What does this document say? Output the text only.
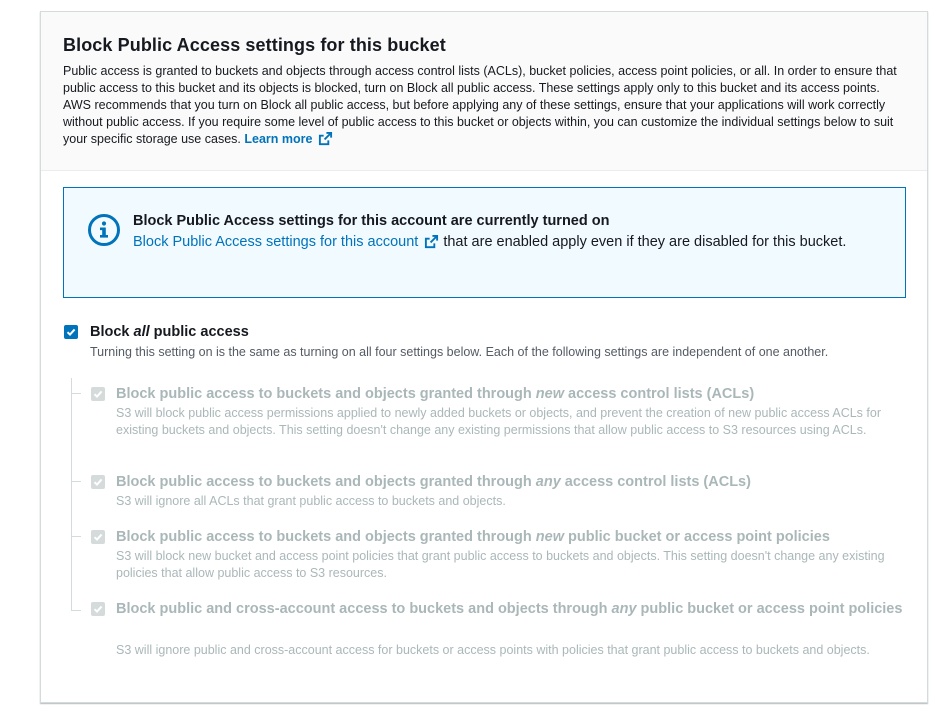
Block Public Access settings for this bucket

Public access is granted to buckets and objects through access control lists (ACLs), bucket policies, access point policies, or all. In order to ensure that public access to this bucket and its objects is blocked, turn on Block all public access. These settings apply only to this bucket and its access points. AWS recommends that you turn on Block all public access, but before applying any of these settings, ensure that your applications will work correctly without public access. If you require some level of public access to this bucket or objects within, you can customize the individual settings below to suit your specific storage use cases. Learn more

Block Public Access settings for this account are currently turned on
Block Public Access settings for this account that are enabled apply even if they are disabled for this bucket.
Block all public access
Turning this setting on is the same as turning on all four settings below. Each of the following settings are independent of one another.
Block public access to buckets and objects granted through new access control lists (ACLs)
S3 will block public access permissions applied to newly added buckets or objects, and prevent the creation of new public access ACLs for existing buckets and objects. This setting doesn't change any existing permissions that allow public access to S3 resources using ACLs.
Block public access to buckets and objects granted through any access control lists (ACLs)
S3 will ignore all ACLs that grant public access to buckets and objects.
Block public access to buckets and objects granted through new public bucket or access point policies
S3 will block new bucket and access point policies that grant public access to buckets and objects. This setting doesn't change any existing policies that allow public access to S3 resources.
Block public and cross-account access to buckets and objects through any public bucket or access point policies
S3 will ignore public and cross-account access for buckets or access points with policies that grant public access to buckets and objects.
